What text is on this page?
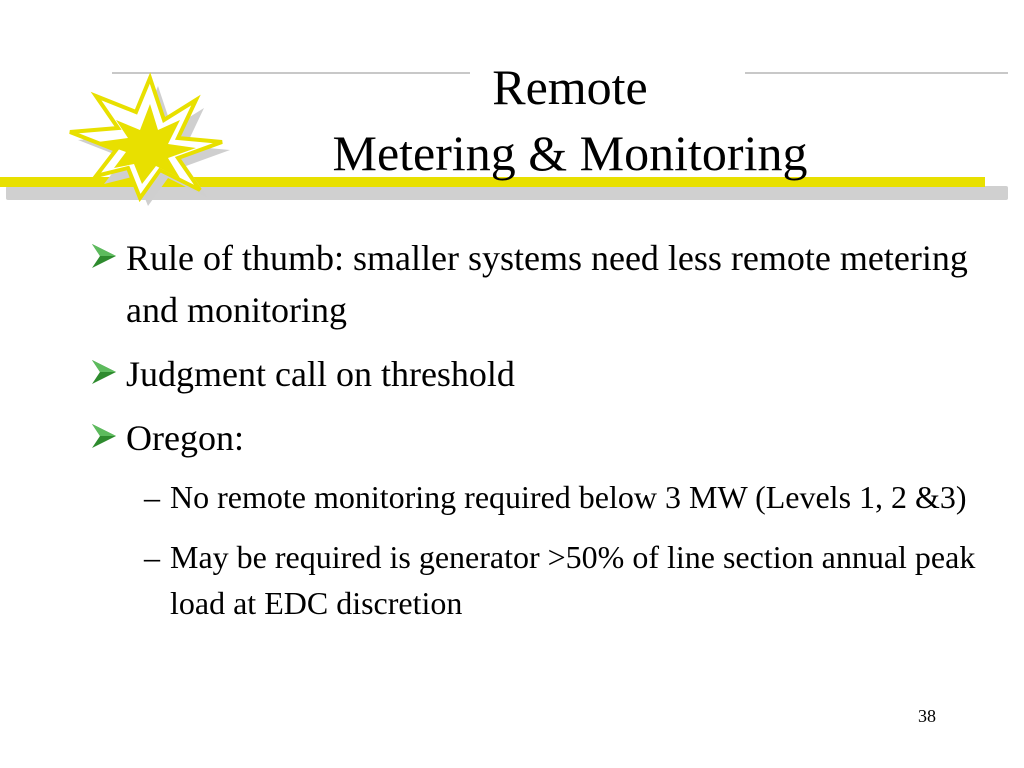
Remote
Metering & Monitoring
Rule of thumb: smaller systems need less remote metering and monitoring
Judgment call on threshold
Oregon:
– No remote monitoring required below 3 MW (Levels 1, 2 &3)
– May be required is generator >50% of line section annual peak load at EDC discretion
38
